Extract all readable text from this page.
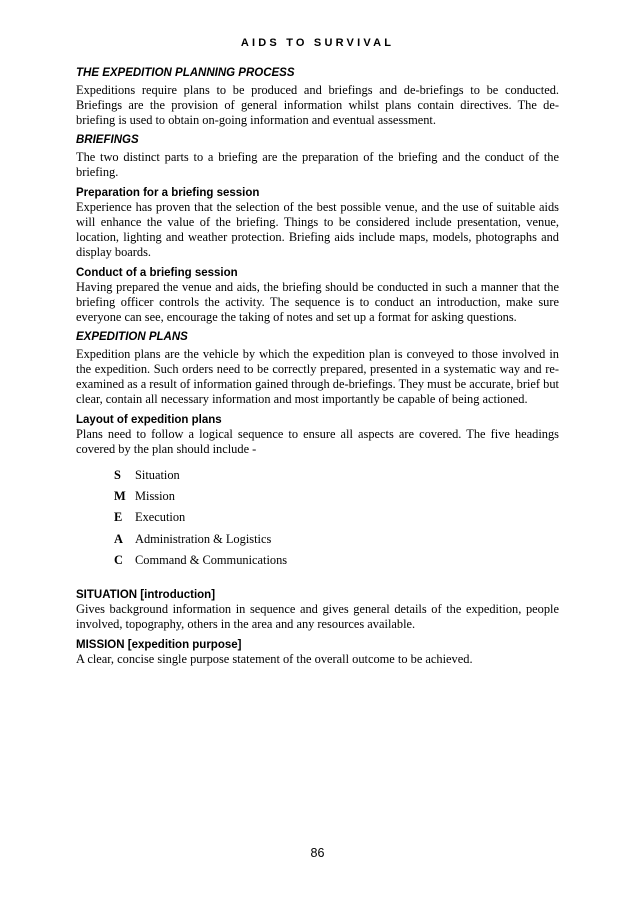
AIDS TO SURVIVAL
THE EXPEDITION PLANNING PROCESS

Expeditions require plans to be produced and briefings and de-briefings to be conducted. Briefings are the provision of general information whilst plans contain directives. The de-briefing is used to obtain on-going information and eventual assessment.

BRIEFINGS

The two distinct parts to a briefing are the preparation of the briefing and the conduct of the briefing.

Preparation for a briefing session

Experience has proven that the selection of the best possible venue, and the use of suitable aids will enhance the value of the briefing. Things to be considered include presentation, venue, location, lighting and weather protection. Briefing aids include maps, models, photographs and display boards.

Conduct of a briefing session

Having prepared the venue and aids, the briefing should be conducted in such a manner that the briefing officer controls the activity. The sequence is to conduct an introduction, make sure everyone can see, encourage the taking of notes and set up a format for asking questions.

EXPEDITION PLANS

Expedition plans are the vehicle by which the expedition plan is conveyed to those involved in the expedition. Such orders need to be correctly prepared, presented in a systematic way and re-examined as a result of information gained through de-briefings. They must be accurate, brief but clear, contain all necessary information and most importantly be capable of being actioned.

Layout of expedition plans

Plans need to follow a logical sequence to ensure all aspects are covered. The five headings covered by the plan should include -

S	Situation
M Mission
E	Execution
A Administration & Logistics
C Command & Communications
SITUATION [introduction]

Gives background information in sequence and gives general details of the expedition, people involved, topography, others in the area and any resources available.

MISSION [expedition purpose]

A clear, concise single purpose statement of the overall outcome to be achieved.

86
